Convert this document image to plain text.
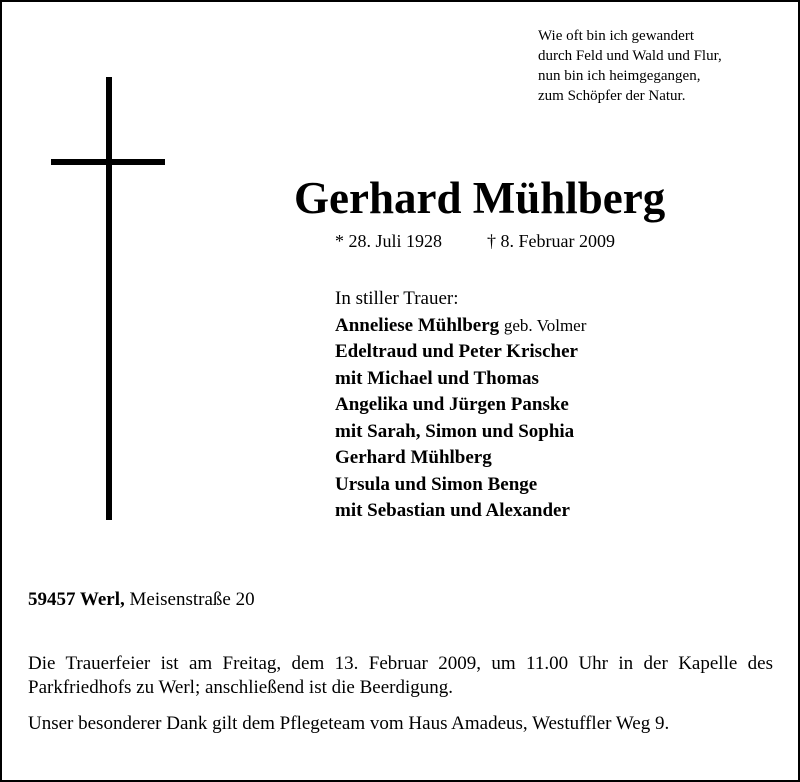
Wie oft bin ich gewandert
durch Feld und Wald und Flur,
nun bin ich heimgegangen,
zum Schöpfer der Natur.
Gerhard Mühlberg
* 28. Juli 1928 † 8. Februar 2009
In stiller Trauer:
Anneliese Mühlberg geb. Volmer
Edeltraud und Peter Krischer
mit Michael und Thomas
Angelika und Jürgen Panske
mit Sarah, Simon und Sophia
Gerhard Mühlberg
Ursula und Simon Benge
mit Sebastian und Alexander
59457 Werl, Meisenstraße 20
Die Trauerfeier ist am Freitag, dem 13. Februar 2009, um 11.00 Uhr in der Kapelle des Parkfriedhofs zu Werl; anschließend ist die Beerdigung.
Unser besonderer Dank gilt dem Pflegeteam vom Haus Amadeus, Westuffler Weg 9.
